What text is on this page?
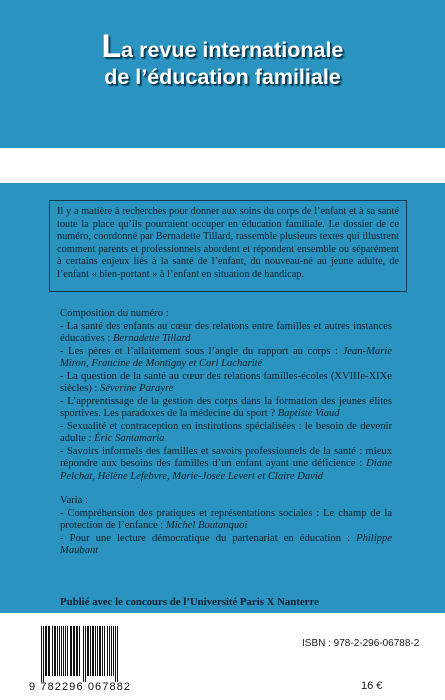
La revue internationale
de l’éducation familiale
Il y a matière à recherches pour donner aux soins du corps de l’enfant et à sa santé toute la place qu’ils pourraient occuper en éducation familiale. Le dossier de ce numéro, coordonné par Bernadette Tillard, rassemble plusieurs textes qui illustrent comment parents et professionnels abordent et répondent ensemble ou séparément à certains enjeux liés à la santé de l’enfant, du nouveau-né au jeune adulte, de l’enfant « bien-portant » à l’enfant en situation de handicap.

Composition du numéro :

- La santé des enfants au cœur des relations entre familles et autres instances éducatives : Bernadette Tillard

- Les pères et l’allaitement sous l’angle du rapport au corps : Jean-Marie Miron, Francine de Montigny et Carl Lacharité

- La question de la santé au cœur des relations familles-écoles (XVIIIe-XIXe siècles) : Séverine Parayre

- L’apprentissage de la gestion des corps dans la formation des jeunes élites sportives. Les paradoxes de la médecine du sport ? Baptiste Viaud

- Sexualité et contraception en institutions spécialisées : le besoin de devenir adulte : Éric Santamaria

- Savoirs informels des familles et savoirs professionnels de la santé : mieux répondre aux besoins des familles d’un enfant ayant une déficience : Diane Pelchat, Hélène Lefebvre, Marie-Josée Levert et Claire David

Varia :

- Compréhension des pratiques et représentations sociales : Le champ de la protection de l’enfance : Michel Boutanquoi

- Pour une lecture démocratique du partenariat en éducation : Philippe Maubant

Publié avec le concours de l’Université Paris X Nanterre
9 782296 067882
ISBN : 978-2-296-06788-2
16 €
